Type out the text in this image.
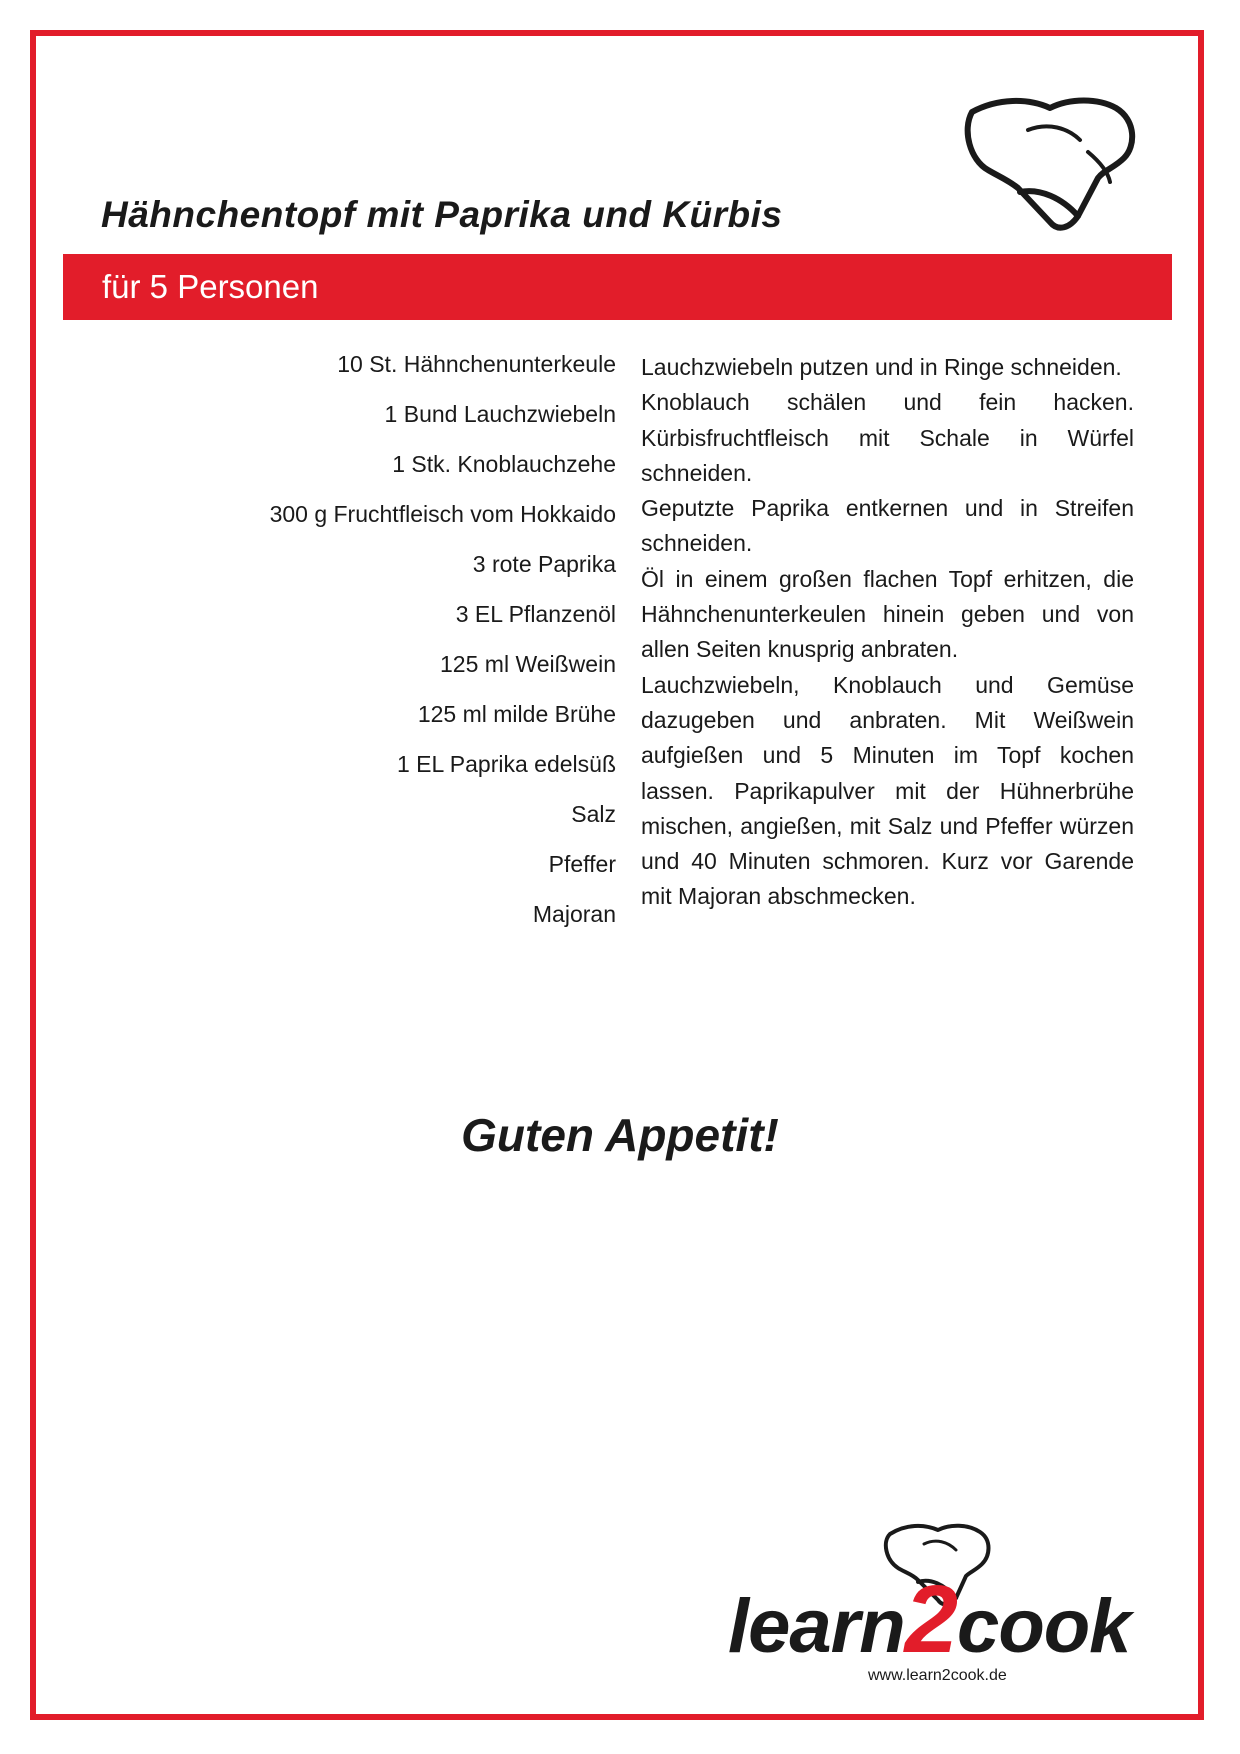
Hähnchentopf mit Paprika und Kürbis
für 5 Personen
10 St. Hähnchenunterkeule
1 Bund Lauchzwiebeln
1 Stk. Knoblauchzehe
300 g Fruchtfleisch vom Hokkaido
3 rote Paprika
3 EL Pflanzenöl
125 ml Weißwein
125 ml milde Brühe
1 EL Paprika edelsüß
Salz
Pfeffer
Majoran

Lauchzwiebeln putzen und in Ringe schneiden.

Knoblauch schälen und fein hacken. Kürbisfruchtfleisch mit Schale in Würfel schneiden.

Geputzte Paprika entkernen und in Streifen schneiden.

Öl in einem großen flachen Topf erhitzen, die Hähnchenunterkeulen hinein geben und von allen Seiten knusprig anbraten.

Lauchzwiebeln, Knoblauch und Gemüse dazugeben und anbraten. Mit Weißwein aufgießen und 5 Minuten im Topf kochen lassen. Paprikapulver mit der Hühnerbrühe mischen, angießen, mit Salz und Pfeffer würzen und 40 Minuten schmoren. Kurz vor Garende mit Majoran abschmecken.

Guten Appetit!

learn2cook
www.learn2cook.de
